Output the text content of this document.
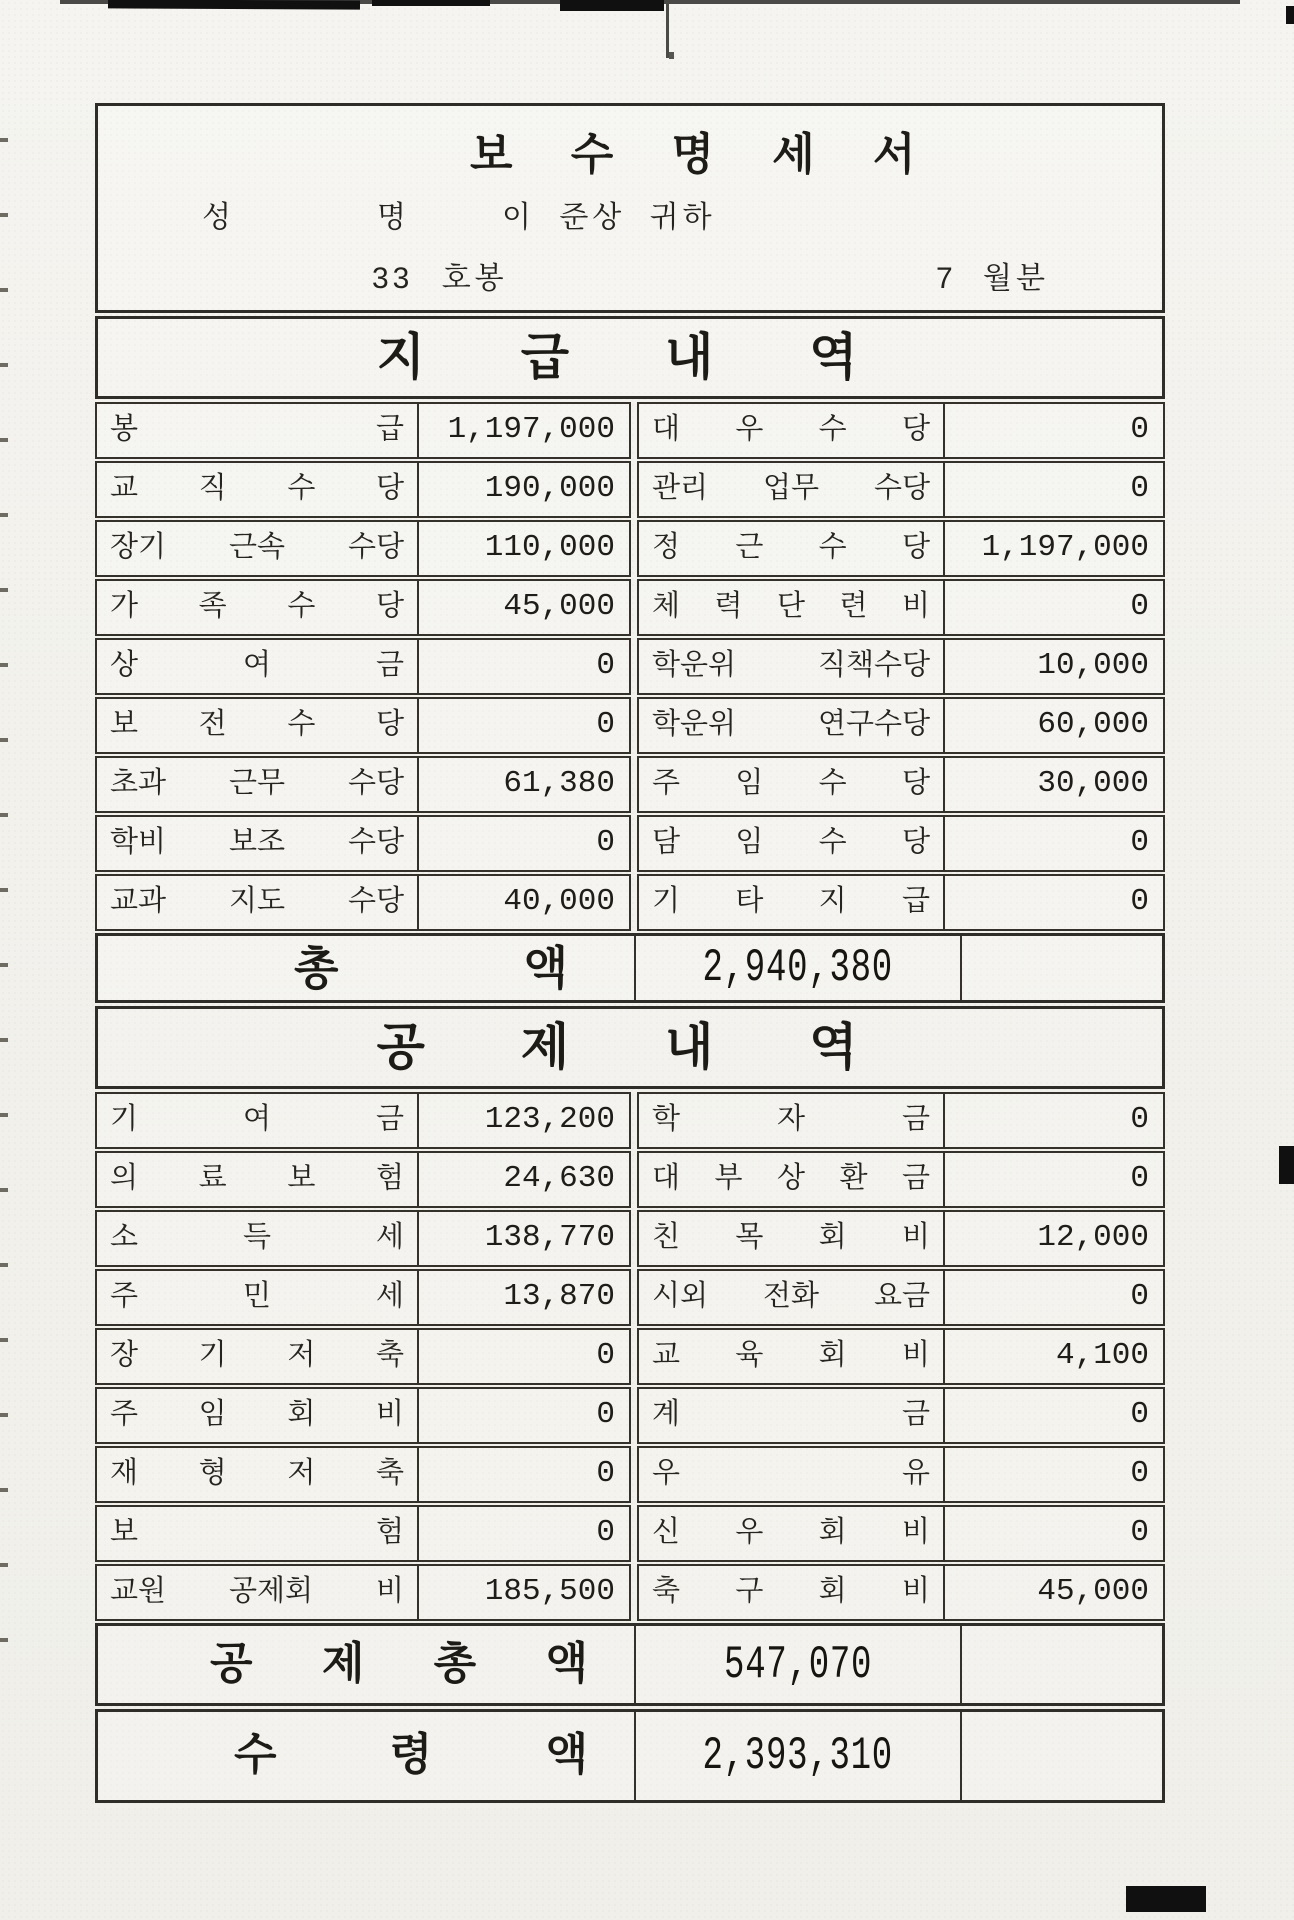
보 수 명 세 서
성 명	이 준상 귀하
33 호봉	7 월분
지 급 내 역
봉 급	1,197,000	대 우 수 당	0
교 직 수 당	190,000	관리 업무 수당	0
장기 근속 수당	110,000	정 근 수 당	1,197,000
가 족 수 당	45,000	체 력 단 련 비	0
상 여 금	0	학운위 직책수당	10,000
보 전 수 당	0	학운위 연구수당	60,000
초과 근무 수당	61,380	주 임 수 당	30,000
학비 보조 수당	0	담 임 수 당	0
교과 지도 수당	40,000	기 타 지 급	0
총 액	2,940,380
공 제 내 역
기 여 금	123,200	학 자 금	0
의 료 보 험	24,630	대 부 상 환 금	0
소 득 세	138,770	친 목 회 비	12,000
주 민 세	13,870	시외 전화 요금	0
장 기 저 축	0	교 육 회 비	4,100
주 임 회 비	0	계 금	0
재 형 저 축	0	우 유	0
보 험	0	신 우 회 비	0
교원 공제회 비	185,500	축 구 회 비	45,000
공 제 총 액	547,070
수 령 액	2,393,310
